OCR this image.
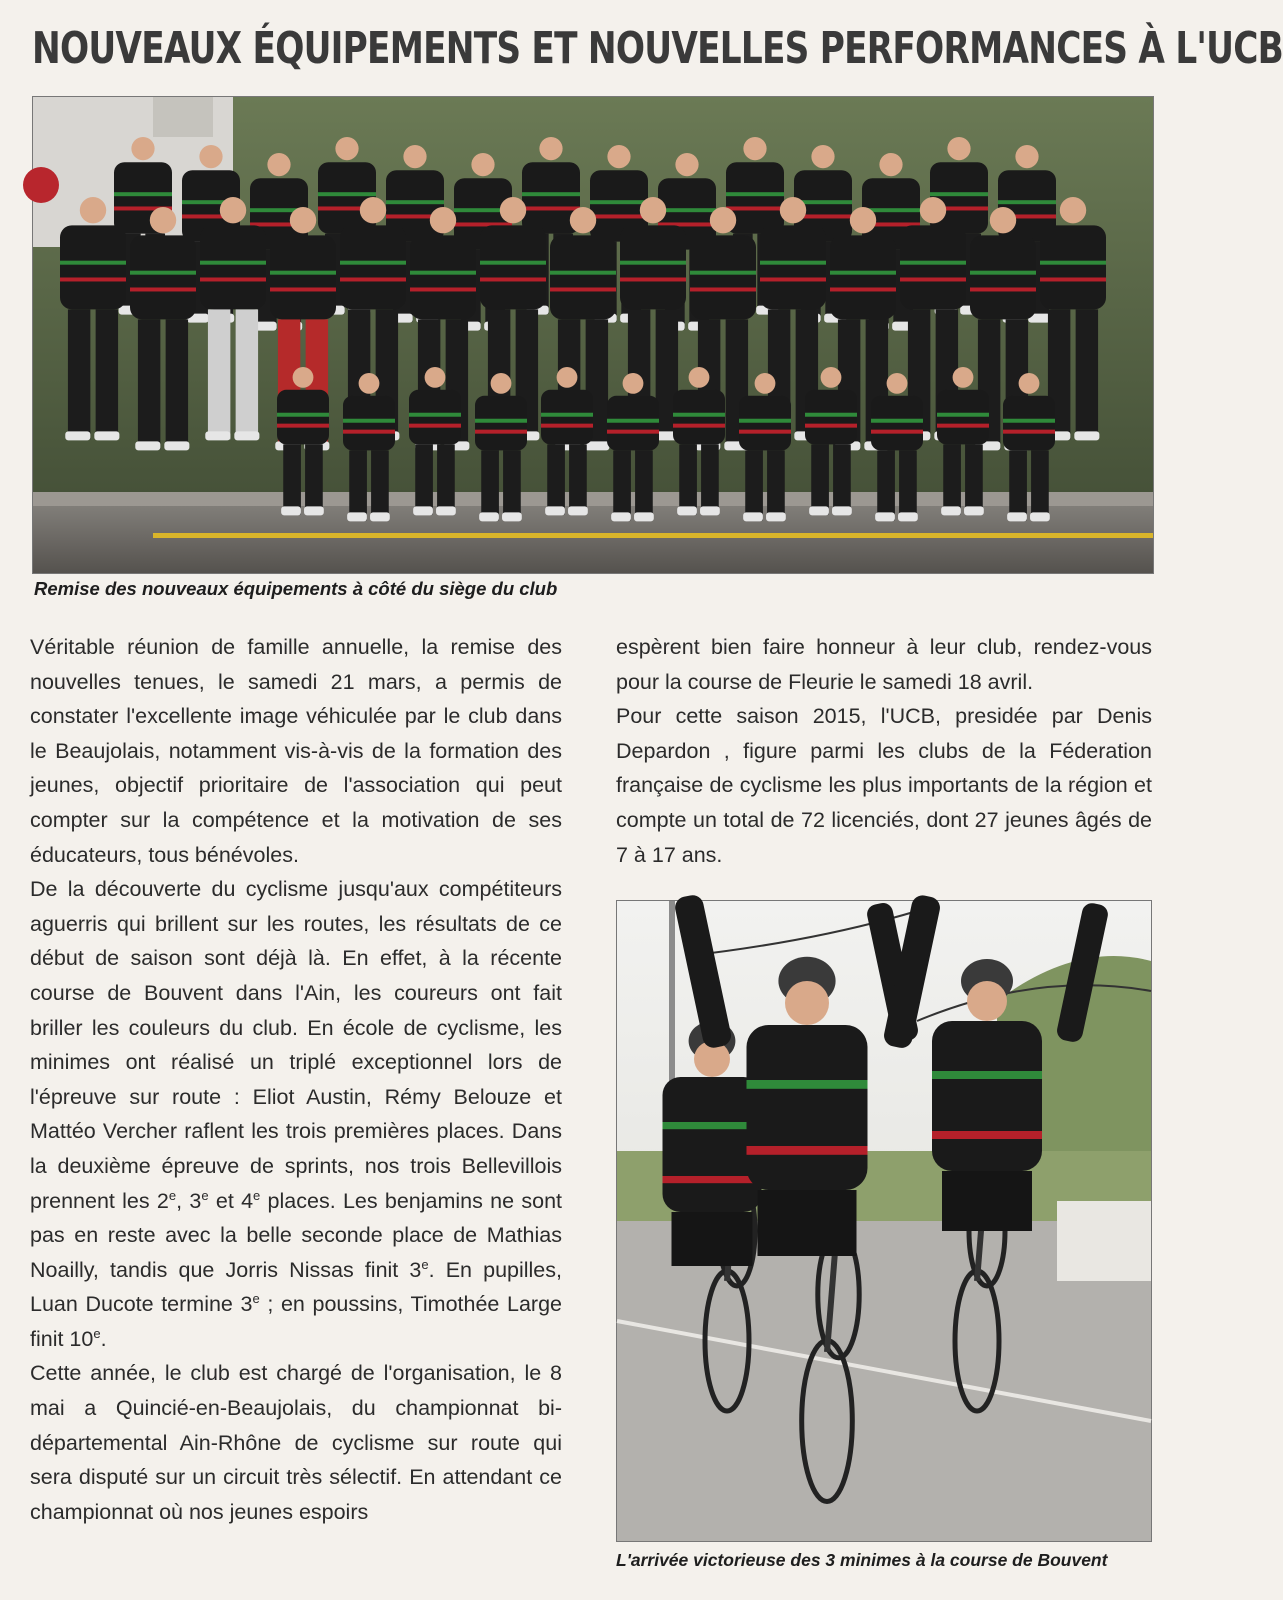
NOUVEAUX ÉQUIPEMENTS ET NOUVELLES PERFORMANCES À L'UCB
Remise des nouveaux équipements à côté du siège du club

Véritable réunion de famille annuelle, la remise des nouvelles tenues, le samedi 21 mars, a permis de constater l'excellente image véhiculée par le club dans le Beaujolais, notamment vis-à-vis de la formation des jeunes, objectif prioritaire de l'association qui peut compter sur la compétence et la motivation de ses éducateurs, tous bénévoles.

De la découverte du cyclisme jusqu'aux compétiteurs aguerris qui brillent sur les routes, les résultats de ce début de saison sont déjà là. En effet, à la récente course de Bouvent dans l'Ain, les coureurs ont fait briller les couleurs du club. En école de cyclisme, les minimes ont réalisé un triplé exceptionnel lors de l'épreuve sur route : Eliot Austin, Rémy Belouze et Mattéo Vercher raflent les trois premières places. Dans la deuxième épreuve de sprints, nos trois Bellevillois prennent les 2e, 3e et 4e places. Les benjamins ne sont pas en reste avec la belle seconde place de Mathias Noailly, tandis que Jorris Nissas finit 3e. En pupilles, Luan Ducote termine 3e ; en poussins, Timothée Large finit 10e.

Cette année, le club est chargé de l'organisation, le 8 mai a Quincié-en-Beaujolais, du championnat bi-départemental Ain-Rhône de cyclisme sur route qui sera disputé sur un circuit très sélectif. En attendant ce championnat où nos jeunes espoirs

espèrent bien faire honneur à leur club, rendez-vous pour la course de Fleurie le samedi 18 avril.

Pour cette saison 2015, l'UCB, presidée par Denis Depardon , figure parmi les clubs de la Féderation française de cyclisme les plus importants de la région et compte un total de 72 licenciés, dont 27 jeunes âgés de 7 à 17 ans.

L'arrivée victorieuse des 3 minimes à la course de Bouvent
